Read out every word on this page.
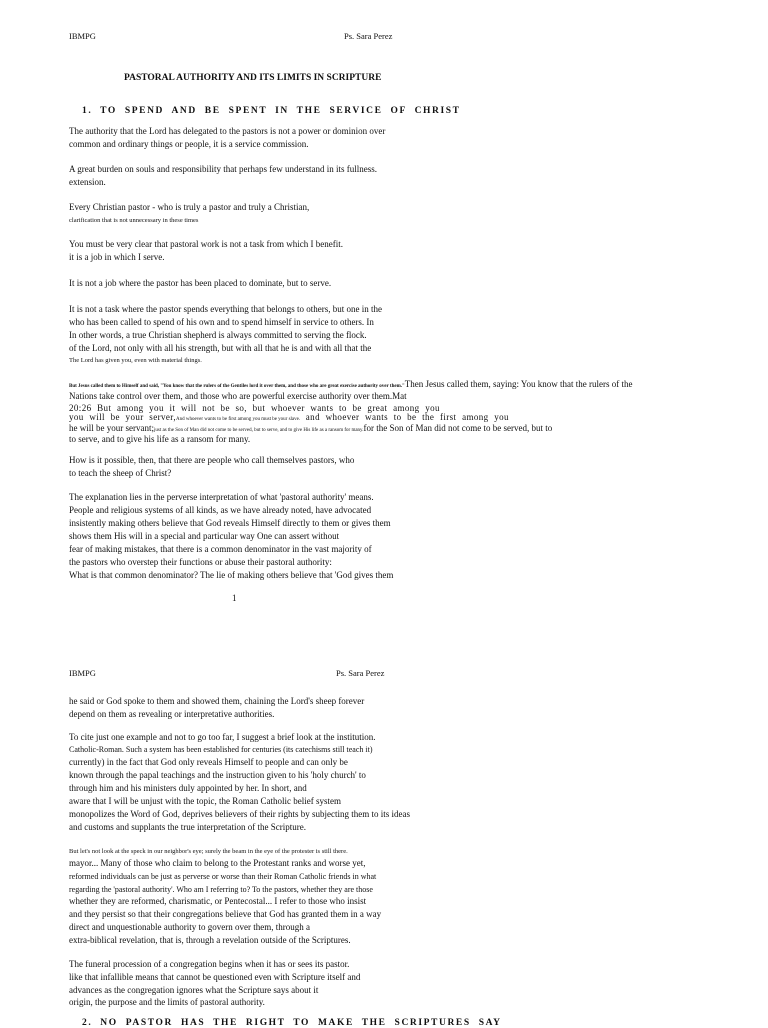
IBMPG	Ps. Sara Perez
PASTORAL AUTHORITY AND ITS LIMITS IN SCRIPTURE
1. TO SPEND AND BE SPENT IN THE SERVICE OF CHRIST
The authority that the Lord has delegated to the pastors is not a power or dominion over
common and ordinary things or people, it is a service commission.
A great burden on souls and responsibility that perhaps few understand in its fullness.
extension.
Every Christian pastor - who is truly a pastor and truly a Christian,
clarification that is not unnecessary in these times
You must be very clear that pastoral work is not a task from which I benefit.
it is a job in which I serve.
It is not a job where the pastor has been placed to dominate, but to serve.
It is not a task where the pastor spends everything that belongs to others, but one in the
who has been called to spend of his own and to spend himself in service to others. In
In other words, a true Christian shepherd is always committed to serving the flock.
of the Lord, not only with all his strength, but with all that he is and with all that the
The Lord has given you, even with material things.
But Jesus called them to Himself and said, "You know that the rulers of the Gentiles lord it over them, and those who are great exercise authority over them."Then Jesus called them, saying: You know that the rulers of the
Nations take control over them, and those who are powerful exercise authority over them.Mat
20:26 But among you it will not be so, but whoever wants to be great among you
you will be your server,And whoever wants to be first among you must be your slave. and whoever wants to be the first among you
he will be your servant;just as the Son of Man did not come to be served, but to serve, and to give His life as a ransom for many.for the Son of Man did not come to be served, but to
to serve, and to give his life as a ransom for many.
How is it possible, then, that there are people who call themselves pastors, who
to teach the sheep of Christ?
The explanation lies in the perverse interpretation of what 'pastoral authority' means.
People and religious systems of all kinds, as we have already noted, have advocated
insistently making others believe that God reveals Himself directly to them or gives them
shows them His will in a special and particular way One can assert without
fear of making mistakes, that there is a common denominator in the vast majority of
the pastors who overstep their functions or abuse their pastoral authority:
What is that common denominator? The lie of making others believe that 'God gives them
1
IBMPG	Ps. Sara Perez
he said or God spoke to them and showed them, chaining the Lord's sheep forever
depend on them as revealing or interpretative authorities.
To cite just one example and not to go too far, I suggest a brief look at the institution.
Catholic-Roman. Such a system has been established for centuries (its catechisms still teach it)
currently) in the fact that God only reveals Himself to people and can only be
known through the papal teachings and the instruction given to his 'holy church' to
through him and his ministers duly appointed by her. In short, and
aware that I will be unjust with the topic, the Roman Catholic belief system
monopolizes the Word of God, deprives believers of their rights by subjecting them to its ideas
and customs and supplants the true interpretation of the Scripture.
But let's not look at the speck in our neighbor's eye; surely the beam in the eye of the protester is still there.
mayor... Many of those who claim to belong to the Protestant ranks and worse yet,
reformed individuals can be just as perverse or worse than their Roman Catholic friends in what
regarding the 'pastoral authority'. Who am I referring to? To the pastors, whether they are those
whether they are reformed, charismatic, or Pentecostal... I refer to those who insist
and they persist so that their congregations believe that God has granted them in a way
direct and unquestionable authority to govern over them, through a
extra-biblical revelation, that is, through a revelation outside of the Scriptures.
The funeral procession of a congregation begins when it has or sees its pastor.
like that infallible means that cannot be questioned even with Scripture itself and
advances as the congregation ignores what the Scripture says about it
origin, the purpose and the limits of pastoral authority.
2. NO PASTOR HAS THE RIGHT TO MAKE THE SCRIPTURES SAY
